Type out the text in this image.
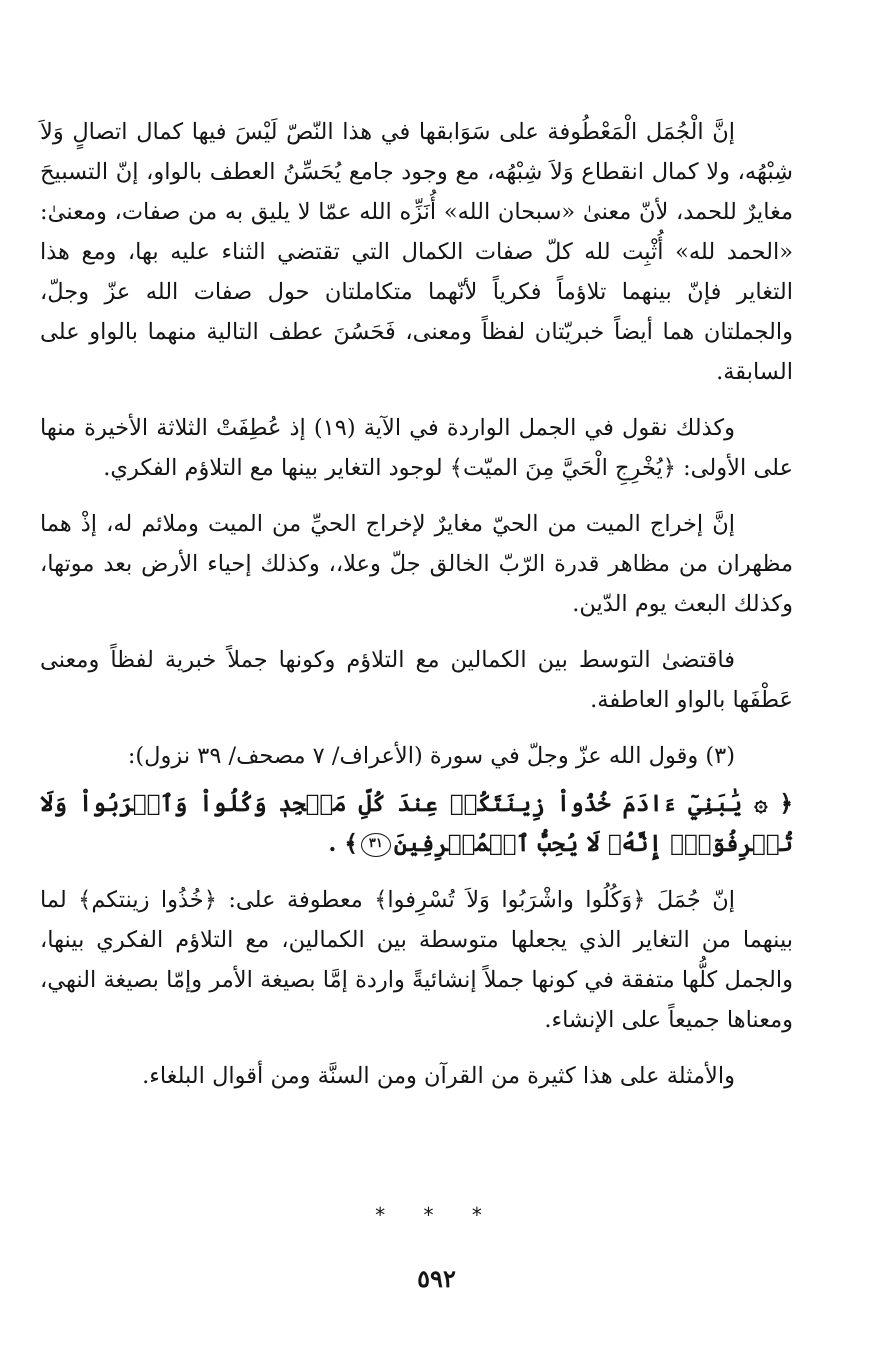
إنَّ الْجُمَل الْمَعْطُوفة على سَوَابقها في هذا النّصّ لَيْسَ فيها كمال اتصالٍ وَلاَ شِبْهُه، ولا كمال انقطاع وَلاَ شِبْهُه، مع وجود جامع يُحَسِّنُ العطف بالواو، إنّ التسبيحَ مغايرٌ للحمد، لأنّ معنىٰ «سبحان الله» أُنَزِّه الله عمّا لا يليق به من صفات، ومعنىٰ: «الحمد لله» أُثْبِت لله كلّ صفات الكمال التي تقتضي الثناء عليه بها، ومع هذا التغاير فإنّ بينهما تلاؤماً فكرياً لأنّهما متكاملتان حول صفات الله عزّ وجلّ، والجملتان هما أيضاً خبريّتان لفظاً ومعنى، فَحَسُنَ عطف التالية منهما بالواو على السابقة.

وكذلك نقول في الجمل الواردة في الآية (١٩) إذ عُطِفَتْ الثلاثة الأخيرة منها على الأولى: ﴿يُخْرِجِ الْحَيَّ مِنَ الميّت﴾ لوجود التغاير بينها مع التلاؤم الفكري.

إنَّ إخراج الميت من الحيّ مغايرٌ لإخراج الحيِّ من الميت وملائم له، إذْ هما مظهران من مظاهر قدرة الرّبّ الخالق جلّ وعلا،، وكذلك إحياء الأرض بعد موتها، وكذلك البعث يوم الدّين.

فاقتضىٰ التوسط بين الكمالين مع التلاؤم وكونها جملاً خبرية لفظاً ومعنى عَطْفَها بالواو العاطفة.

(٣) وقول الله عزّ وجلّ في سورة (الأعراف/ ٧ مصحف/ ٣٩ نزول):

﴿ ۞ يَٰبَنِيٓ ءَادَمَ خُذُواْ زِينَتَكُمۡ عِندَ كُلِّ مَسۡجِدٖ وَكُلُواْ وَٱشۡرَبُواْ وَلَا تُسۡرِفُوٓاْۚ إِنَّهُۥ لَا يُحِبُّ ٱلۡمُسۡرِفِينَ٣١﴾ .

إنّ جُمَلَ ﴿وَكُلُوا واشْرَبُوا وَلاَ تُسْرِفوا﴾ معطوفة على: ﴿خُذُوا زينتكم﴾ لما بينهما من التغاير الذي يجعلها متوسطة بين الكمالين، مع التلاؤم الفكري بينها، والجمل كلُّها متفقة في كونها جملاً إنشائيةً واردة إمَّا بصيغة الأمر وإمّا بصيغة النهي، ومعناها جميعاً على الإنشاء.

والأمثلة على هذا كثيرة من القرآن ومن السنَّة ومن أقوال البلغاء.

* * *
٥٩٢
